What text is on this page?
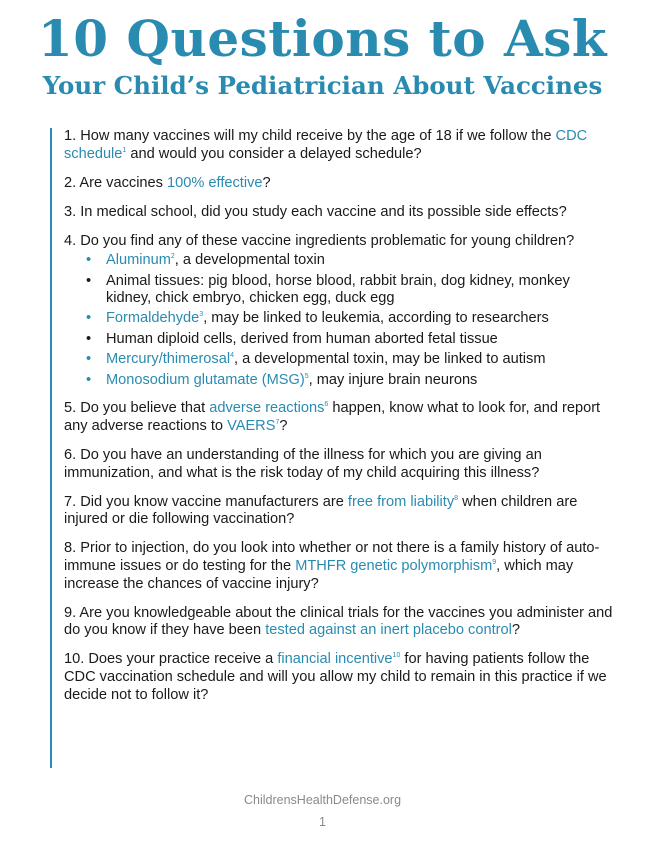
10 Questions to Ask
Your Child’s Pediatrician About Vaccines

1. How many vaccines will my child receive by the age of 18 if we follow the CDC schedule$^1$ and would you consider a delayed schedule?

2. Are vaccines 100% effective?

3. In medical school, did you study each vaccine and its possible side effects?

4. Do you find any of these vaccine ingredients problematic for young children?
• Aluminum$^2$, a developmental toxin
• Animal tissues: pig blood, horse blood, rabbit brain, dog kidney, monkey kidney, chick embryo, chicken egg, duck egg
• Formaldehyde$^3$, may be linked to leukemia, according to researchers
• Human diploid cells, derived from human aborted fetal tissue
• Mercury/thimerosal$^4$, a developmental toxin, may be linked to autism
• Monosodium glutamate (MSG)$^5$, may injure brain neurons

5. Do you believe that adverse reactions$^6$ happen, know what to look for, and report any adverse reactions to VAERS$^7$?

6. Do you have an understanding of the illness for which you are giving an immunization, and what is the risk today of my child acquiring this illness?

7. Did you know vaccine manufacturers are free from liability$^8$ when children are injured or die following vaccination?

8. Prior to injection, do you look into whether or not there is a family history of auto-immune issues or do testing for the MTHFR genetic polymorphism$^9$, which may increase the chances of vaccine injury?

9. Are you knowledgeable about the clinical trials for the vaccines you administer and do you know if they have been tested against an inert placebo control?

10. Does your practice receive a financial incentive$^{10}$ for having patients follow the CDC vaccination schedule and will you allow my child to remain in this practice if we decide not to follow it?

ChildrensHealthDefense.org

1
